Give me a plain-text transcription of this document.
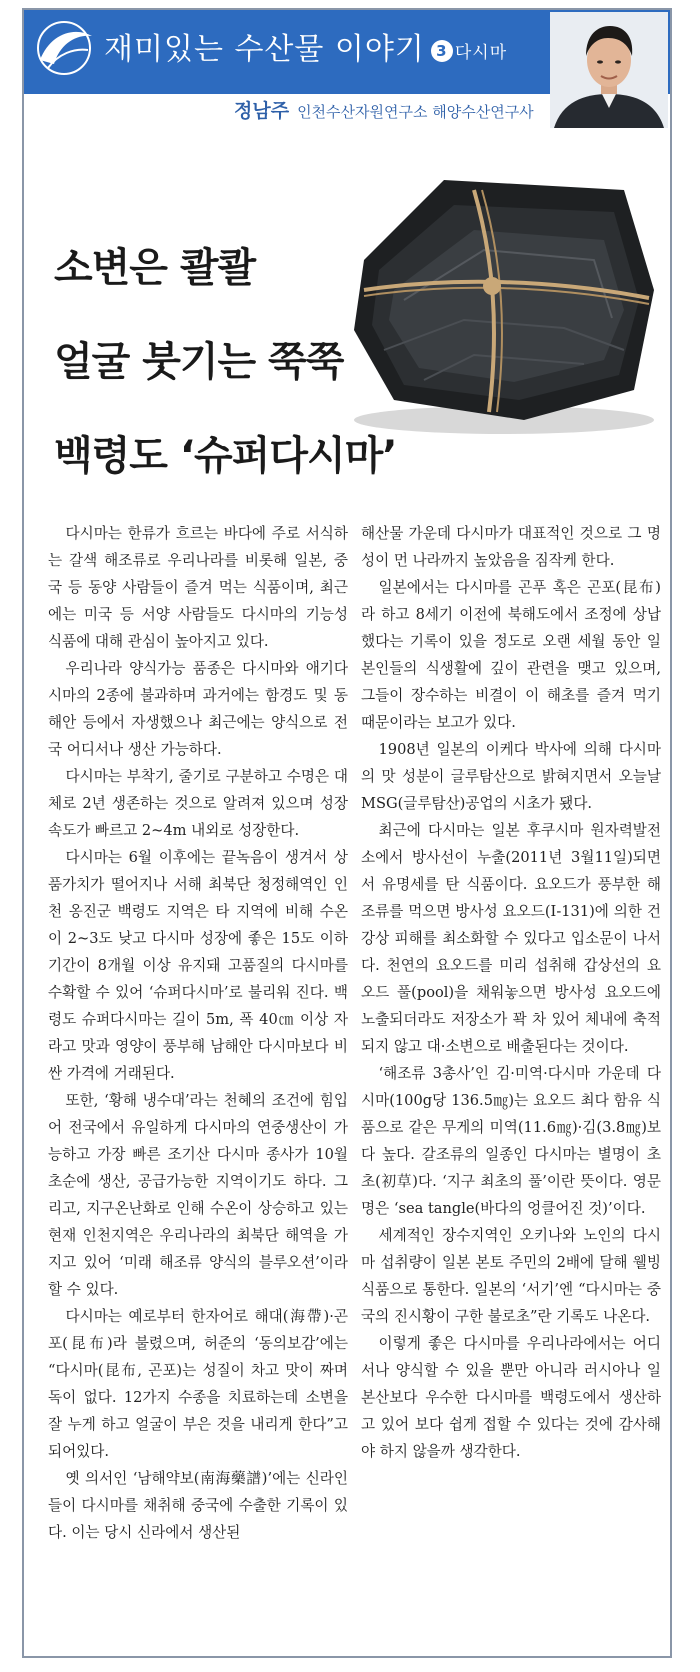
재미있는 수산물 이야기 3 다시마
정남주 인천수산자원연구소 해양수산연구사
소변은 콸콸
얼굴 붓기는 쭉쭉
백령도 ‘슈퍼다시마’

다시마는 한류가 흐르는 바다에 주로 서식하는 갈색 해조류로 우리나라를 비롯해 일본, 중국 등 동양 사람들이 즐겨 먹는 식품이며, 최근에는 미국 등 서양 사람들도 다시마의 기능성 식품에 대해 관심이 높아지고 있다.

우리나라 양식가능 품종은 다시마와 애기다시마의 2종에 불과하며 과거에는 함경도 및 동해안 등에서 자생했으나 최근에는 양식으로 전국 어디서나 생산 가능하다.

다시마는 부착기, 줄기로 구분하고 수명은 대체로 2년 생존하는 것으로 알려져 있으며 성장속도가 빠르고 2~4m 내외로 성장한다.

다시마는 6월 이후에는 끝녹음이 생겨서 상품가치가 떨어지나 서해 최북단 청정해역인 인천 옹진군 백령도 지역은 타 지역에 비해 수온이 2~3도 낮고 다시마 성장에 좋은 15도 이하 기간이 8개월 이상 유지돼 고품질의 다시마를 수확할 수 있어 ‘슈퍼다시마’로 불리워 진다. 백령도 슈퍼다시마는 길이 5m, 폭 40㎝ 이상 자라고 맛과 영양이 풍부해 남해안 다시마보다 비싼 가격에 거래된다.

또한, ‘황해 냉수대’라는 천혜의 조건에 힘입어 전국에서 유일하게 다시마의 연중생산이 가능하고 가장 빠른 조기산 다시마 종사가 10월 초순에 생산, 공급가능한 지역이기도 하다. 그리고, 지구온난화로 인해 수온이 상승하고 있는 현재 인천지역은 우리나라의 최북단 해역을 가지고 있어 ‘미래 해조류 양식의 블루오션’이라 할 수 있다.

다시마는 예로부터 한자어로 해대(海帶)·곤포(昆布)라 불렸으며, 허준의 ‘동의보감’에는 “다시마(昆布, 곤포)는 성질이 차고 맛이 짜며 독이 없다. 12가지 수종을 치료하는데 소변을 잘 누게 하고 얼굴이 부은 것을 내리게 한다”고 되어있다.

옛 의서인 ‘남해약보(南海藥譜)’에는 신라인들이 다시마를 채취해 중국에 수출한 기록이 있다. 이는 당시 신라에서 생산된

해산물 가운데 다시마가 대표적인 것으로 그 명성이 먼 나라까지 높았음을 짐작케 한다.

일본에서는 다시마를 곤푸 혹은 곤포(昆布)라 하고 8세기 이전에 북해도에서 조정에 상납했다는 기록이 있을 정도로 오랜 세월 동안 일본인들의 식생활에 깊이 관련을 맺고 있으며, 그들이 장수하는 비결이 이 해초를 즐겨 먹기 때문이라는 보고가 있다.

1908년 일본의 이케다 박사에 의해 다시마의 맛 성분이 글루탐산으로 밝혀지면서 오늘날 MSG(글루탐산)공업의 시초가 됐다.

최근에 다시마는 일본 후쿠시마 원자력발전소에서 방사선이 누출(2011년 3월11일)되면서 유명세를 탄 식품이다. 요오드가 풍부한 해조류를 먹으면 방사성 요오드(I-131)에 의한 건강상 피해를 최소화할 수 있다고 입소문이 나서다. 천연의 요오드를 미리 섭취해 갑상선의 요오드 풀(pool)을 채워놓으면 방사성 요오드에 노출되더라도 저장소가 꽉 차 있어 체내에 축적되지 않고 대·소변으로 배출된다는 것이다.

‘해조류 3총사’인 김·미역·다시마 가운데 다시마(100g당 136.5㎎)는 요오드 최다 함유 식품으로 같은 무게의 미역(11.6㎎)·김(3.8㎎)보다 높다. 갈조류의 일종인 다시마는 별명이 초초(初草)다. ‘지구 최초의 풀’이란 뜻이다. 영문명은 ‘sea tangle(바다의 엉클어진 것)’이다.

세계적인 장수지역인 오키나와 노인의 다시마 섭취량이 일본 본토 주민의 2배에 달해 웰빙 식품으로 통한다. 일본의 ‘서기’엔 “다시마는 중국의 진시황이 구한 불로초”란 기록도 나온다.

이렇게 좋은 다시마를 우리나라에서는 어디서나 양식할 수 있을 뿐만 아니라 러시아나 일본산보다 우수한 다시마를 백령도에서 생산하고 있어 보다 쉽게 접할 수 있다는 것에 감사해야 하지 않을까 생각한다.
